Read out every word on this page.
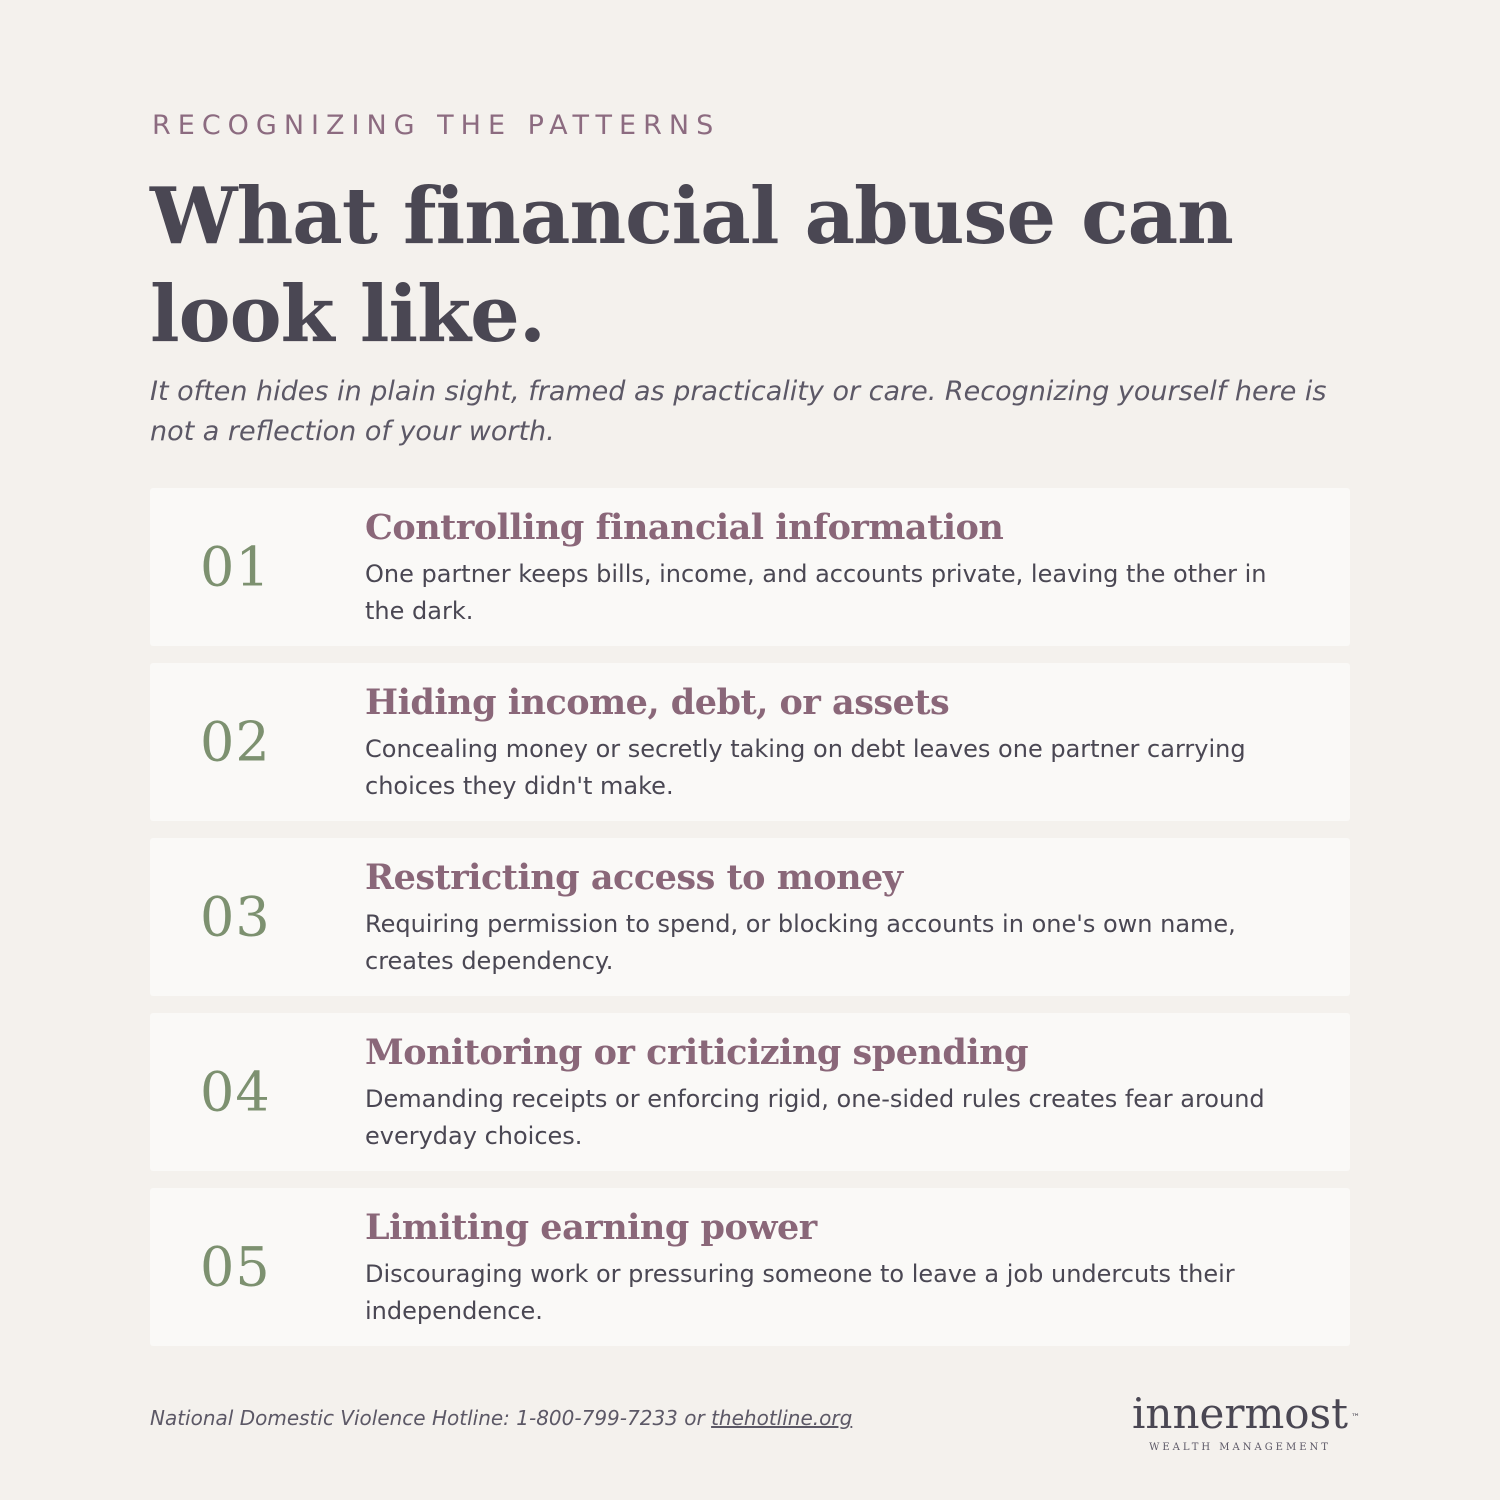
RECOGNIZING THE PATTERNS
What financial abuse can look like.

It often hides in plain sight, framed as practicality or care. Recognizing yourself here is not a reflection of your worth.

01
Controlling financial information
One partner keeps bills, income, and accounts private, leaving the other in the dark.
02
Hiding income, debt, or assets
Concealing money or secretly taking on debt leaves one partner carrying choices they didn't make.
03
Restricting access to money
Requiring permission to spend, or blocking accounts in one's own name, creates dependency.
04
Monitoring or criticizing spending
Demanding receipts or enforcing rigid, one-sided rules creates fear around everyday choices.
05
Limiting earning power
Discouraging work or pressuring someone to leave a job undercuts their independence.
National Domestic Violence Hotline: 1-800-799-7233 or thehotline.org	innermost ™
WEALTH MANAGEMENT
